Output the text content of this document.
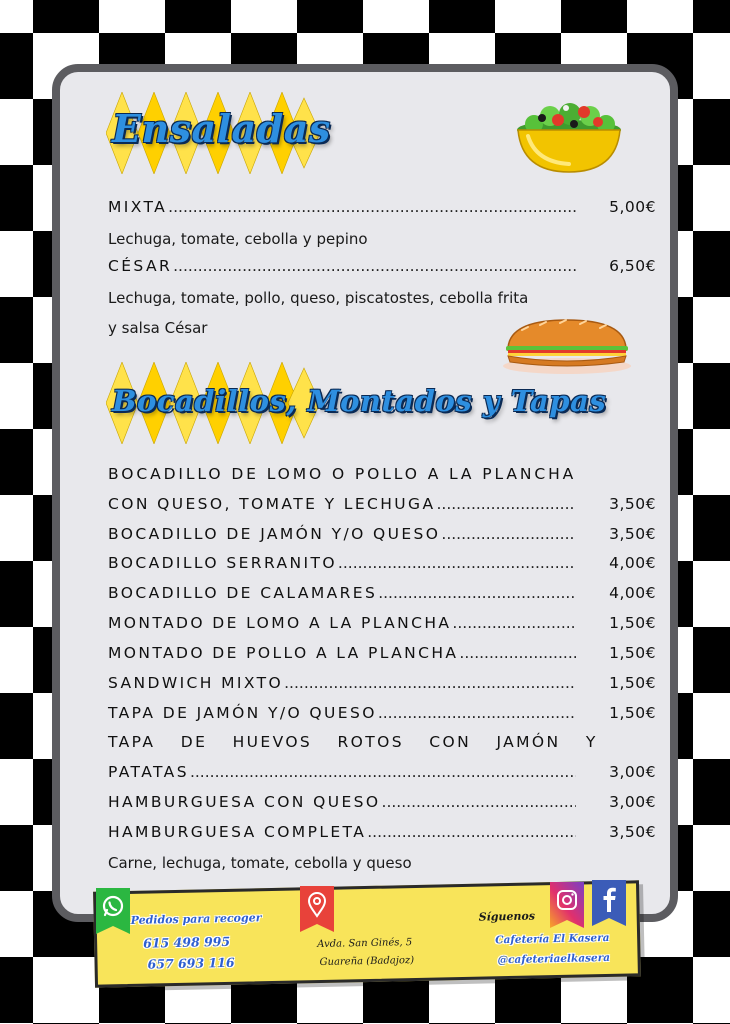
Ensaladas
MIXTA .....	5,00€
Lechuga, tomate, cebolla y pepino
CÉSAR .....	6,50€
Lechuga, tomate, pollo, queso, piscatostes, cebolla frita
y salsa César
Bocadillos, Montados y Tapas
BOCADILLO DE LOMO O POLLO A LA PLANCHA
CON QUESO, TOMATE Y LECHUGA .....	3,50€
BOCADILLO DE JAMÓN Y/O QUESO .....	3,50€
BOCADILLO SERRANITO .....	4,00€
BOCADILLO DE CALAMARES .....	4,00€
MONTADO DE LOMO A LA PLANCHA .....	1,50€
MONTADO DE POLLO A LA PLANCHA .....	1,50€
SANDWICH MIXTO .....	1,50€
TAPA DE JAMÓN Y/O QUESO .....	1,50€
TAPA DE HUEVOS ROTOS CON JAMÓN Y
PATATAS .....	3,00€
HAMBURGUESA CON QUESO .....	3,00€
HAMBURGUESA COMPLETA .....	3,50€
Carne, lechuga, tomate, cebolla y queso
Pedidos para recoger
615 498 995
657 693 116
Avda. San Ginés, 5
Guareña (Badajoz)
Síguenos
Cafetería El Kasera
@cafeteriaelkasera
